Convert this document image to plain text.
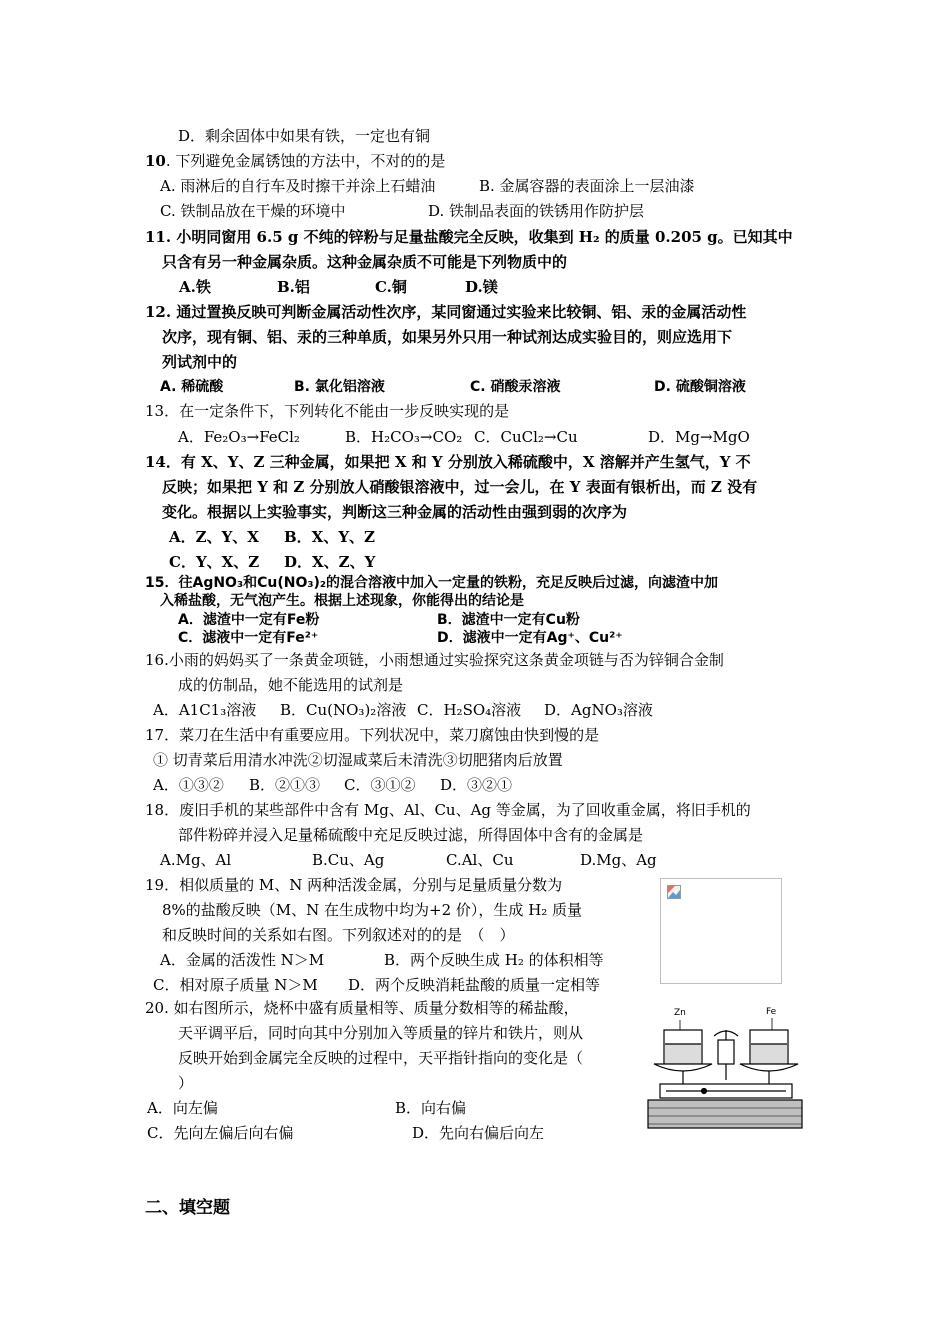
D．剩余固体中如果有铁，一定也有铜
10. 下列避免金属锈蚀的方法中，不对的的是
A. 雨淋后的自行车及时擦干并涂上石蜡油	B. 金属容器的表面涂上一层油漆
C. 铁制品放在干燥的环境中	D. 铁制品表面的铁锈用作防护层
11. 小明同窗用 6.5 g 不纯的锌粉与足量盐酸完全反映，收集到 H₂ 的质量 0.205 g。已知其中
只含有另一种金属杂质。这种金属杂质不可能是下列物质中的
A.铁	B.铝	C.铜	D.镁
12. 通过置换反映可判断金属活动性次序，某同窗通过实验来比较铜、铝、汞的金属活动性
次序，现有铜、铝、汞的三种单质，如果另外只用一种试剂达成实验目的，则应选用下
列试剂中的
A. 稀硫酸	B. 氯化铝溶液	C. 硝酸汞溶液	D. 硫酸铜溶液
13．在一定条件下，下列转化不能由一步反映实现的是
A．Fe₂O₃→FeCl₂	B．H₂CO₃→CO₂ C．CuCl₂→Cu	D．Mg→MgO
14．有 X、Y、Z 三种金属，如果把 X 和 Y 分别放入稀硫酸中，X 溶解并产生氢气，Y 不
反映；如果把 Y 和 Z 分别放人硝酸银溶液中，过一会儿，在 Y 表面有银析出，而 Z 没有
变化。根据以上实验事实，判断这三种金属的活动性由强到弱的次序为
A．Z、Y、X B．X、Y、Z
C．Y、X、Z D．X、Z、Y
15．往AgNO₃和Cu(NO₃)₂的混合溶液中加入一定量的铁粉，充足反映后过滤，向滤渣中加
入稀盐酸，无气泡产生。根据上述现象，你能得出的结论是
A．滤渣中一定有Fe粉	B．滤渣中一定有Cu粉
C．滤液中一定有Fe²⁺	D．滤液中一定有Ag⁺、Cu²⁺
16.小雨的妈妈买了一条黄金项链，小雨想通过实验探究这条黄金项链与否为锌铜合金制
成的仿制品，她不能选用的试剂是
A．A1C1₃溶液 B．Cu(NO₃)₂溶液 C．H₂SO₄溶液 D．AgNO₃溶液
17．菜刀在生活中有重要应用。下列状况中，菜刀腐蚀由快到慢的是
① 切青菜后用清水冲洗②切湿咸菜后未清洗③切肥猪肉后放置
A．①③② B．②①③ C．③①② D．③②①
18．废旧手机的某些部件中含有 Mg、Al、Cu、Ag 等金属，为了回收重金属，将旧手机的
部件粉碎并浸入足量稀硫酸中充足反映过滤，所得固体中含有的金属是
A.Mg、Al	B.Cu、Ag	C.Al、Cu	D.Mg、Ag
19．相似质量的 M、N 两种活泼金属，分别与足量质量分数为
8%的盐酸反映（M、N 在生成物中均为+2 价），生成 H₂ 质量
和反映时间的关系如右图。下列叙述对的的是　（　）
A．金属的活泼性 N＞M	B．两个反映生成 H₂ 的体积相等
C．相对原子质量 N＞M D．两个反映消耗盐酸的质量一定相等
20. 如右图所示，烧杯中盛有质量相等、质量分数相等的稀盐酸，
天平调平后，同时向其中分别加入等质量的锌片和铁片，则从
反映开始到金属完全反映的过程中，天平指针指向的变化是（
）
A．向左偏	B．向右偏
C．先向左偏后向右偏	D．先向右偏后向左
Zn	Fe
二、填空题
